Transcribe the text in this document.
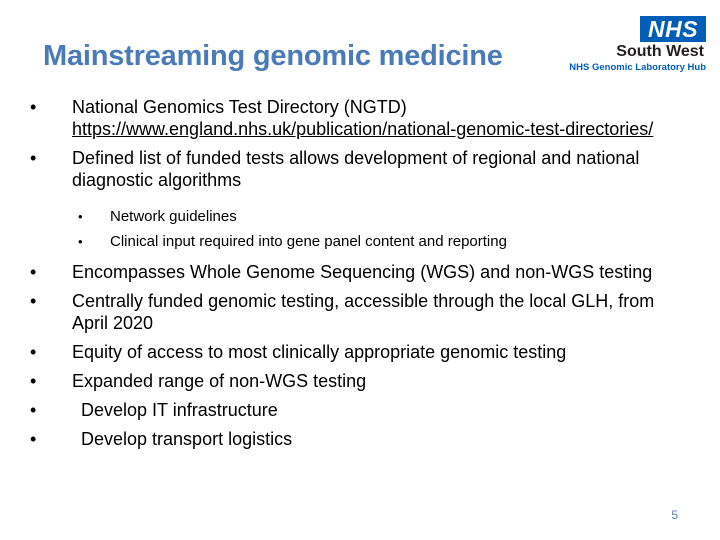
Mainstreaming genomic medicine
NHS
South West
NHS Genomic Laboratory Hub
• National Genomics Test Directory (NGTD)
https://www.england.nhs.uk/publication/national-genomic-test-directories/
• Defined list of funded tests allows development of regional and national diagnostic algorithms
• Network guidelines
• Clinical input required into gene panel content and reporting
• Encompasses Whole Genome Sequencing (WGS) and non-WGS testing
• Centrally funded genomic testing, accessible through the local GLH, from April 2020
• Equity of access to most clinically appropriate genomic testing
• Expanded range of non-WGS testing
• Develop IT infrastructure
• Develop transport logistics
5
